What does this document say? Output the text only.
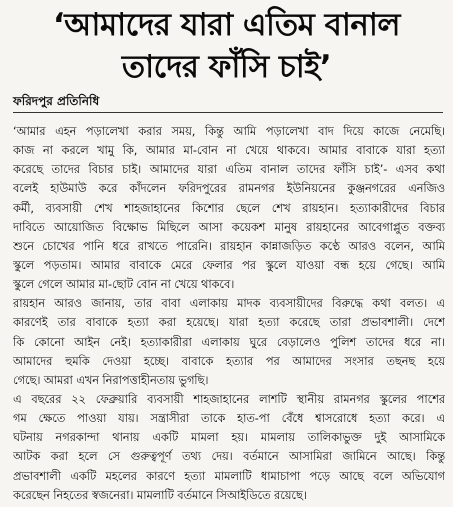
‘আমাদের যারা এতিম বানাল
তাদের ফাঁসি চাই’
ফরিদপুর প্রতিনিধি
‘আমার এহন পড়ালেখা করার সময়, কিন্তু আমি পড়ালেখা বাদ দিয়ে কাজে নেমেছি।
কাজ না করলে খামু কি, আমার মা-বোন না খেয়ে থাকবে। আমার বাবাকে যারা হত্যা
করেছে তাদের বিচার চাই। আমাদের যারা এতিম বানাল তাদের ফাঁসি চাই’- এসব কথা
বলেই হাউমাউ করে কাঁদলেন ফরিদপুরের রামনগর ইউনিয়নের কুঞ্জনগরের এনজিও
কর্মী, ব্যবসায়ী শেখ শাহজাহানের কিশোর ছেলে শেখ রায়হান। হত্যাকারীদের বিচার
দাবিতে আয়োজিত বিক্ষোভ মিছিলে আসা কয়েকশ মানুষ রায়হানের আবেগাপ্লুত বক্তব্য
শুনে চোখের পানি ধরে রাখতে পারেনি। রায়হান কান্নাজড়িত কণ্ঠে আরও বলেন, আমি
স্কুলে পড়তাম। আমার বাবাকে মেরে ফেলার পর স্কুলে যাওয়া বন্ধ হয়ে গেছে। আমি
স্কুলে গেলে আমার মা-ছোট বোন না খেয়ে থাকবে।
রায়হান আরও জানায়, তার বাবা এলাকায় মাদক ব্যবসায়ীদের বিরুদ্ধে কথা বলত। এ
কারণেই তার বাবাকে হত্যা করা হয়েছে। যারা হত্যা করেছে তারা প্রভাবশালী। দেশে
কি কোনো আইন নেই। হত্যাকারীরা এলাকায় ঘুরে বেড়ালেও পুলিশ তাদের ধরে না।
আমাদের হুমকি দেওয়া হচ্ছে। বাবাকে হত্যার পর আমাদের সংসার তছনছ হয়ে
গেছে। আমরা এখন নিরাপত্তাহীনতায় ভুগছি।
এ বছরের ২২ ফেব্রুয়ারি ব্যবসায়ী শাহজাহানের লাশটি স্থানীয় রামনগর স্কুলের পাশের
গম ক্ষেতে পাওয়া যায়। সন্ত্রাসীরা তাকে হাত-পা বেঁধে শ্বাসরোধে হত্যা করে। এ
ঘটনায় নগরকান্দা থানায় একটি মামলা হয়। মামলায় তালিকাভুক্ত দুই আসামিকে
আটক করা হলে সে গুরুত্বপূর্ণ তথ্য দেয়। বর্তমানে আসামিরা জামিনে আছে। কিন্তু
প্রভাবশালী একটি মহলের কারণে হত্যা মামলাটি ধামাচাপা পড়ে আছে বলে অভিযোগ
করেছেন নিহতের স্বজনেরা। মামলাটি বর্তমানে সিআইডিতে রয়েছে।
